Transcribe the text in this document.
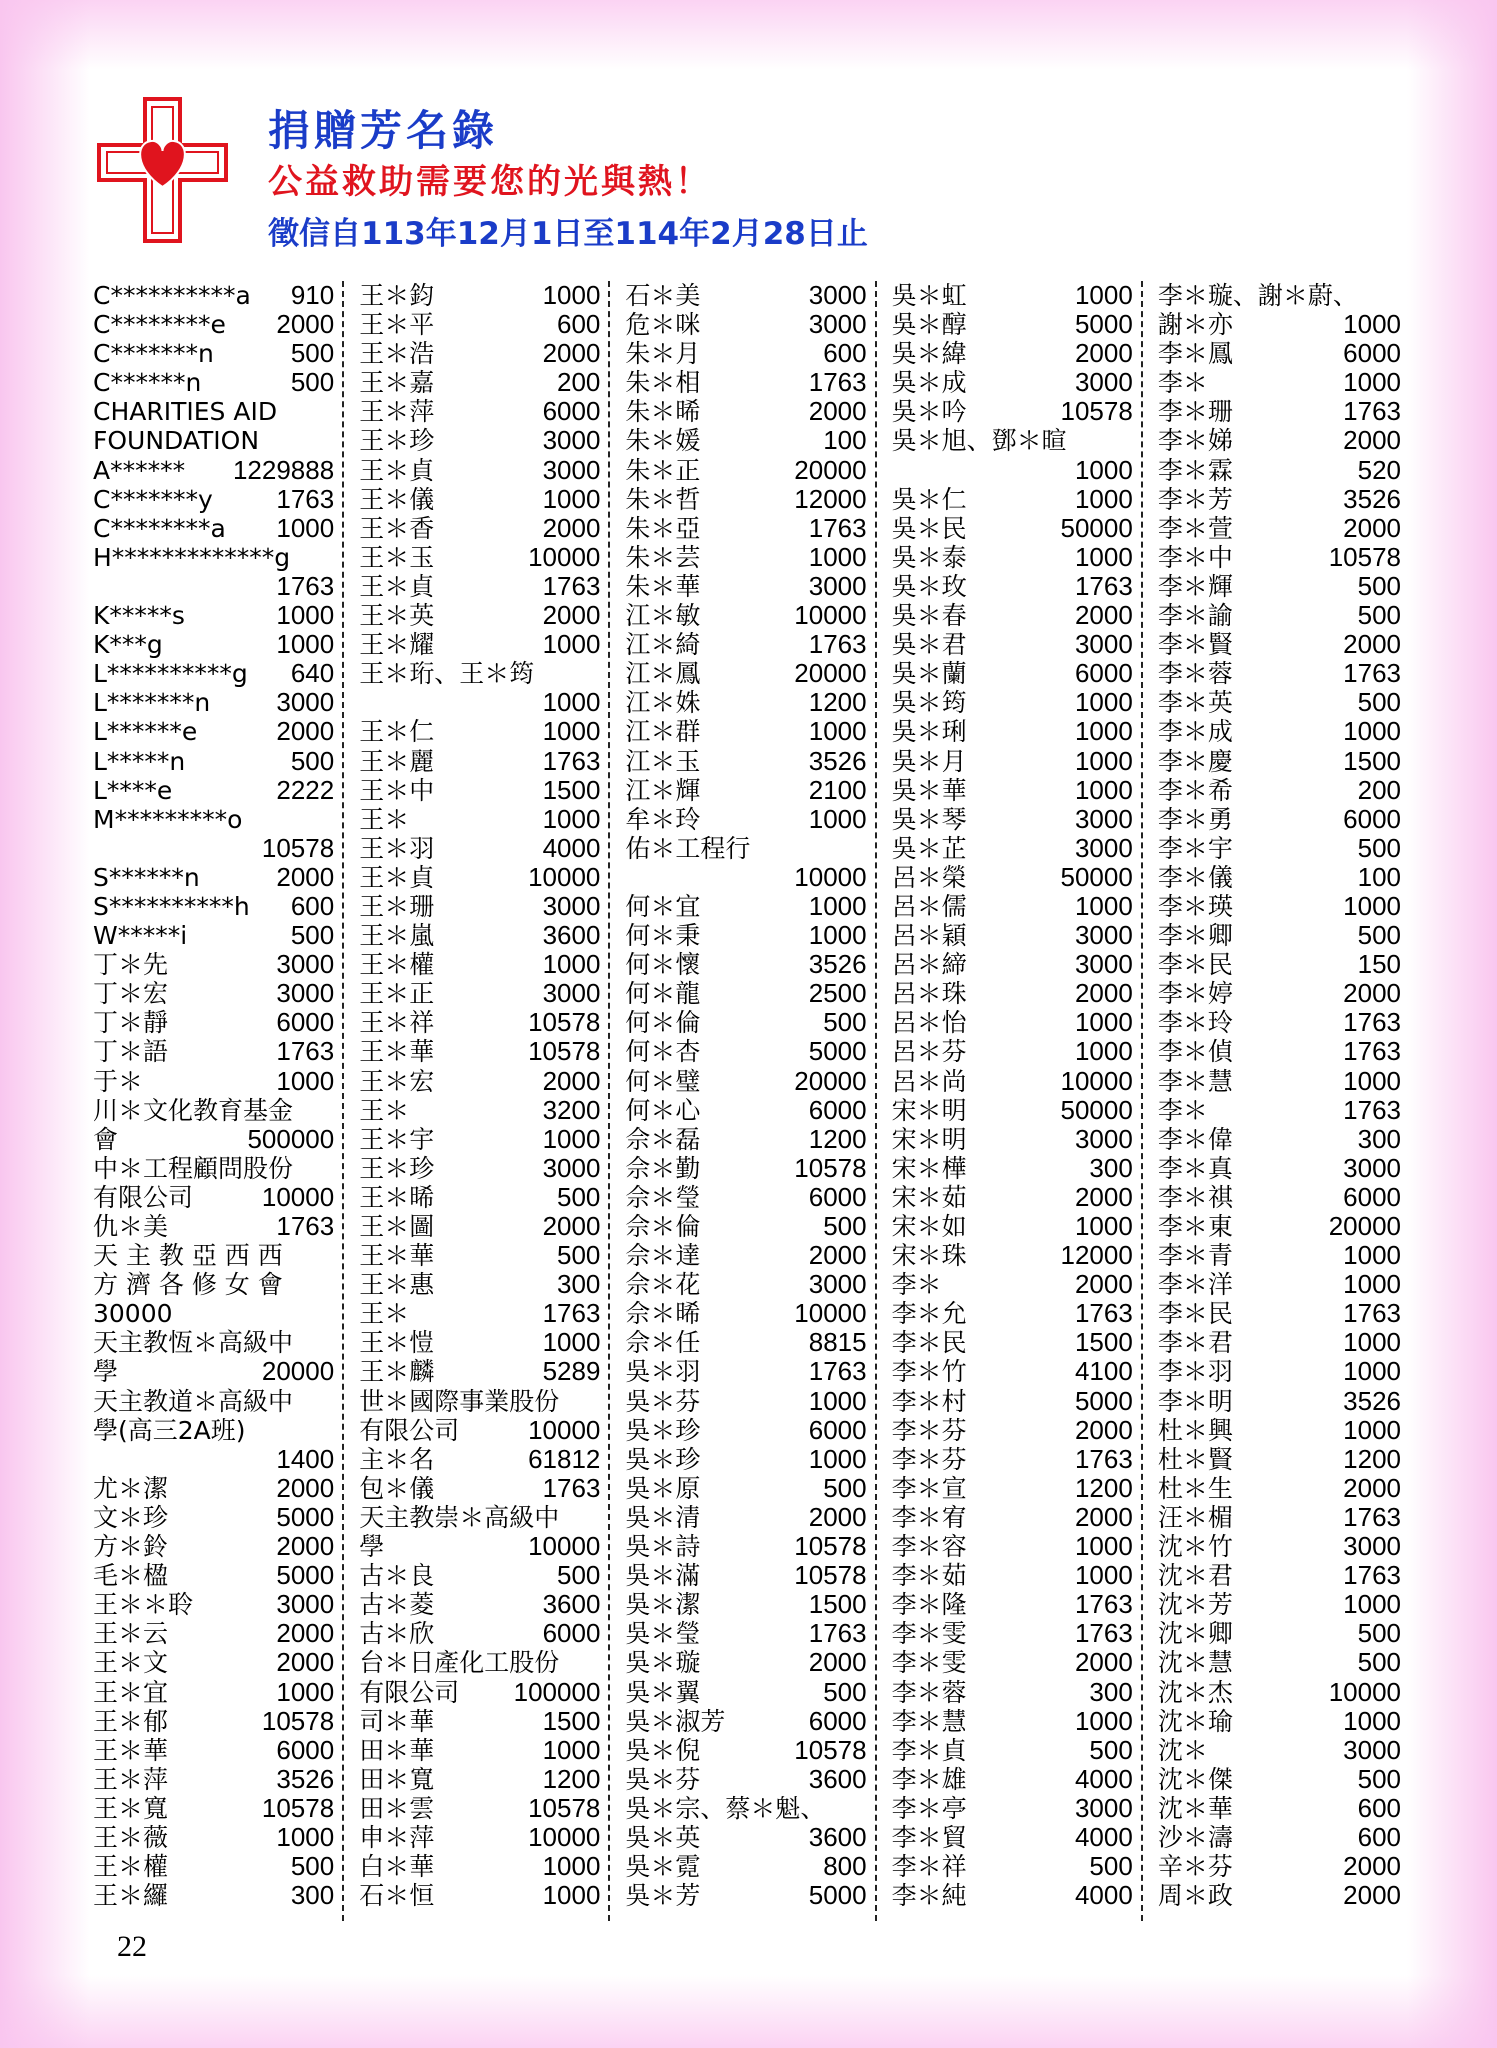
捐贈芳名錄
公益救助需要您的光與熱！
徵信自113年12月1日至114年2月28日止
C**********a 910
C********e 2000
C*******n	500
C******n	500
CHARITIES AID
FOUNDATION
A****** 1229888
C*******y 1763
C********a 1000
H*************g
1763
K*****s	1000
K***g	1000
L**********g 640
L*******n	3000
L******e	2000
L*****n	500
L****e	2222
M*********o
10578
S******n	2000
S**********h 600
W*****i	500
丁＊先	3000
丁＊宏	3000
丁＊靜	6000
丁＊語	1763
于＊	1000
川＊文化教育基金
會	500000
中＊工程顧問股份
有限公司	10000
仇＊美	1763
天 主 教 亞 西 西
方 濟 各 修 女 會
30000
天主教恆＊高級中
學	20000
天主教道＊高級中
學(高三2A班)
1400
尤＊潔	2000
文＊珍	5000
方＊鈴	2000
毛＊楹	5000
王＊＊聆	3000
王＊云	2000
王＊文	2000
王＊宜	1000
王＊郁	10578
王＊華	6000
王＊萍	3526
王＊寬	10578
王＊薇	1000
王＊權	500
王＊纙	300
王＊鈞	1000
王＊平	600
王＊浩	2000
王＊嘉	200
王＊萍	6000
王＊珍	3000
王＊貞	3000
王＊儀	1000
王＊香	2000
王＊玉	10000
王＊貞	1763
王＊英	2000
王＊耀	1000
王＊珩、王＊筠
1000
王＊仁	1000
王＊麗	1763
王＊中	1500
王＊	1000
王＊羽	4000
王＊貞	10000
王＊珊	3000
王＊嵐	3600
王＊權	1000
王＊正	3000
王＊祥	10578
王＊華	10578
王＊宏	2000
王＊	3200
王＊宇	1000
王＊珍	3000
王＊晞	500
王＊圖	2000
王＊華	500
王＊惠	300
王＊	1763
王＊愷	1000
王＊麟	5289
世＊國際事業股份
有限公司	10000
主＊名	61812
包＊儀	1763
天主教崇＊高級中
學	10000
古＊良	500
古＊菱	3600
古＊欣	6000
台＊日產化工股份
有限公司 100000
司＊華	1500
田＊華	1000
田＊寬	1200
田＊雲	10578
申＊萍	10000
白＊華	1000
石＊恒	1000
石＊美	3000
危＊咪	3000
朱＊月	600
朱＊相	1763
朱＊晞	2000
朱＊媛	100
朱＊正	20000
朱＊哲	12000
朱＊亞	1763
朱＊芸	1000
朱＊華	3000
江＊敏	10000
江＊綺	1763
江＊鳳	20000
江＊姝	1200
江＊群	1000
江＊玉	3526
江＊輝	2100
牟＊玲	1000
佑＊工程行
10000
何＊宜	1000
何＊秉	1000
何＊懷	3526
何＊龍	2500
何＊倫	500
何＊杏	5000
何＊璧	20000
何＊心	6000
佘＊磊	1200
佘＊勤	10578
佘＊瑩	6000
佘＊倫	500
佘＊達	2000
佘＊花	3000
佘＊晞	10000
佘＊任	8815
吳＊羽	1763
吳＊芬	1000
吳＊珍	6000
吳＊珍	1000
吳＊原	500
吳＊清	2000
吳＊詩	10578
吳＊滿	10578
吳＊潔	1500
吳＊瑩	1763
吳＊璇	2000
吳＊翼	500
吳＊淑芳	6000
吳＊倪	10578
吳＊芬	3600
吳＊宗、蔡＊魁、
吳＊英	3600
吳＊霓	800
吳＊芳	5000
吳＊虹	1000
吳＊醇	5000
吳＊緯	2000
吳＊成	3000
吳＊吟	10578
吳＊旭、鄧＊暄
1000
吳＊仁	1000
吳＊民	50000
吳＊泰	1000
吳＊玫	1763
吳＊春	2000
吳＊君	3000
吳＊蘭	6000
吳＊筠	1000
吳＊琍	1000
吳＊月	1000
吳＊華	1000
吳＊琴	3000
吳＊芷	3000
呂＊榮	50000
呂＊儒	1000
呂＊穎	3000
呂＊締	3000
呂＊珠	2000
呂＊怡	1000
呂＊芬	1000
呂＊尚	10000
宋＊明	50000
宋＊明	3000
宋＊樺	300
宋＊茹	2000
宋＊如	1000
宋＊珠	12000
李＊	2000
李＊允	1763
李＊民	1500
李＊竹	4100
李＊村	5000
李＊芬	2000
李＊芬	1763
李＊宣	1200
李＊宥	2000
李＊容	1000
李＊茹	1000
李＊隆	1763
李＊雯	1763
李＊雯	2000
李＊蓉	300
李＊慧	1000
李＊貞	500
李＊雄	4000
李＊亭	3000
李＊貿	4000
李＊祥	500
李＊純	4000
李＊璇、謝＊蔚、
謝＊亦	1000
李＊鳳	6000
李＊	1000
李＊珊	1763
李＊娣	2000
李＊霖	520
李＊芳	3526
李＊萱	2000
李＊中	10578
李＊輝	500
李＊諭	500
李＊賢	2000
李＊蓉	1763
李＊英	500
李＊成	1000
李＊慶	1500
李＊希	200
李＊勇	6000
李＊宇	500
李＊儀	100
李＊瑛	1000
李＊卿	500
李＊民	150
李＊婷	2000
李＊玲	1763
李＊偵	1763
李＊慧	1000
李＊	1763
李＊偉	300
李＊真	3000
李＊祺	6000
李＊東	20000
李＊青	1000
李＊洋	1000
李＊民	1763
李＊君	1000
李＊羽	1000
李＊明	3526
杜＊興	1000
杜＊賢	1200
杜＊生	2000
汪＊楣	1763
沈＊竹	3000
沈＊君	1763
沈＊芳	1000
沈＊卿	500
沈＊慧	500
沈＊杰	10000
沈＊瑜	1000
沈＊	3000
沈＊傑	500
沈＊華	600
沙＊濤	600
辛＊芬	2000
周＊政	2000
22
